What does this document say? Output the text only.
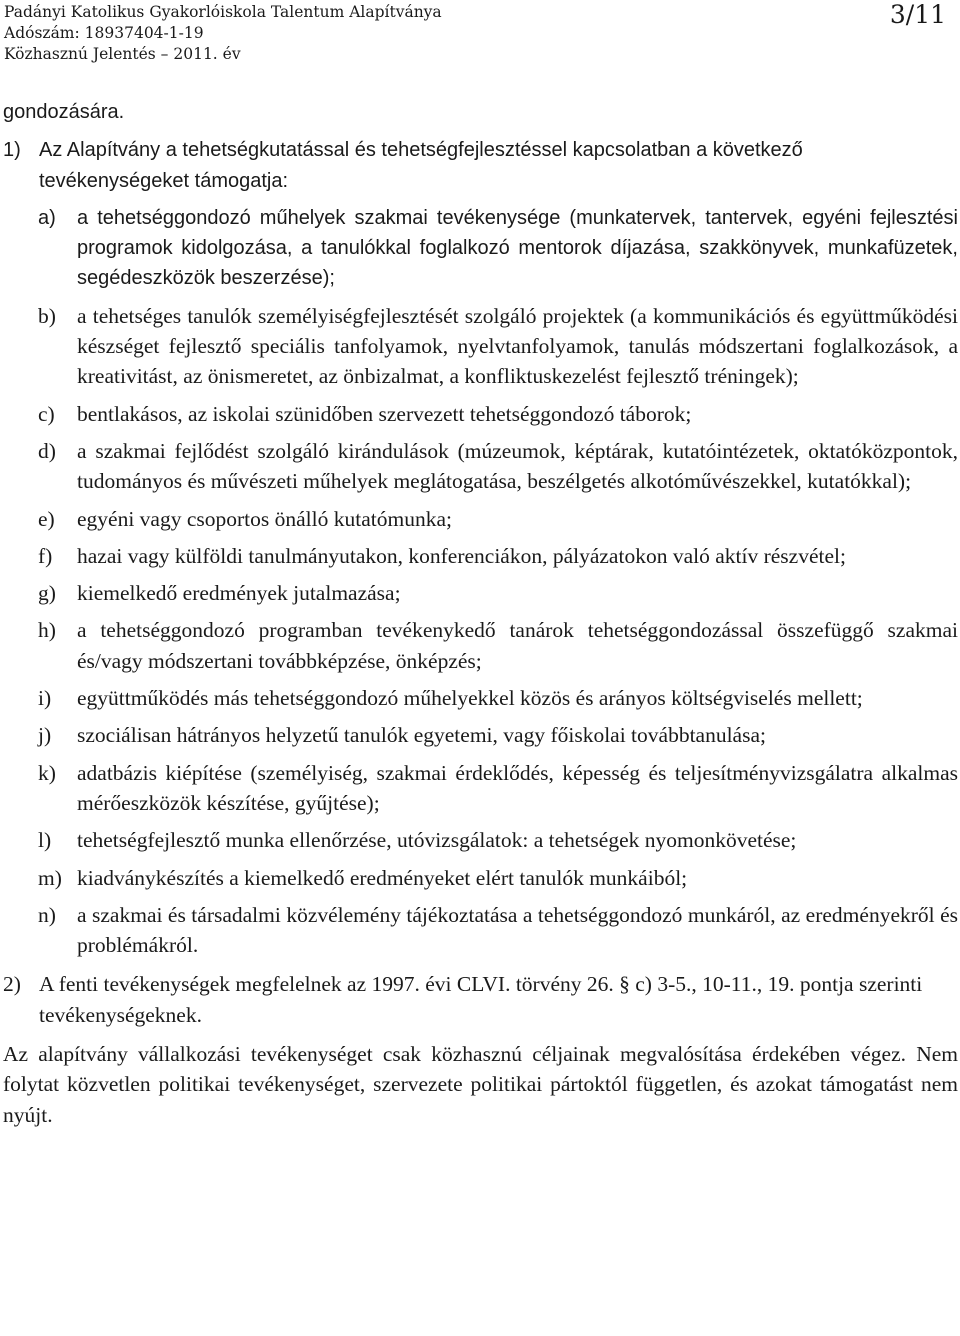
Padányi Katolikus Gyakorlóiskola Talentum Alapítványa
Adószám: 18937404-1-19
Közhasznú Jelentés – 2011. év
3/11

gondozására.

1) Az Alapítvány a tehetségkutatással és tehetségfejlesztéssel kapcsolatban a következő tevékenységeket támogatja:
a)	a tehetséggondozó műhelyek szakmai tevékenysége (munkatervek, tantervek, egyéni fejlesztési programok kidolgozása, a tanulókkal foglalkozó mentorok díjazása, szakkönyvek, munkafüzetek, segédeszközök beszerzése);
b) a tehetséges tanulók személyiségfejlesztését szolgáló projektek (a kommunikációs és együttműködési készséget fejlesztő speciális tanfolyamok, nyelvtanfolyamok, tanulás módszertani foglalkozások, a kreativitást, az önismeretet, az önbizalmat, a konfliktuskezelést fejlesztő tréningek);
c)	bentlakásos, az iskolai szünidőben szervezett tehetséggondozó táborok;
d) a szakmai fejlődést szolgáló kirándulások (múzeumok, képtárak, kutatóintézetek, oktatóközpontok, tudományos és művészeti műhelyek meglátogatása, beszélgetés alkotóművészekkel, kutatókkal);
e)	egyéni vagy csoportos önálló kutatómunka;
f)	hazai vagy külföldi tanulmányutakon, konferenciákon, pályázatokon való aktív részvétel;
g) kiemelkedő eredmények jutalmazása;
h) a tehetséggondozó programban tevékenykedő tanárok tehetséggondozással összefüggő szakmai és/vagy módszertani továbbképzése, önképzés;
i)	együttműködés más tehetséggondozó műhelyekkel közös és arányos költségviselés mellett;
j)	szociálisan hátrányos helyzetű tanulók egyetemi, vagy főiskolai továbbtanulása;
k) adatbázis kiépítése (személyiség, szakmai érdeklődés, képesség és teljesítményvizsgálatra alkalmas mérőeszközök készítése, gyűjtése);
l)	tehetségfejlesztő munka ellenőrzése, utóvizsgálatok: a tehetségek nyomonkövetése;
m) kiadványkészítés a kiemelkedő eredményeket elért tanulók munkáiból;
n) a szakmai és társadalmi közvélemény tájékoztatása a tehetséggondozó munkáról, az eredményekről és problémákról.
2) A fenti tevékenységek megfelelnek az 1997. évi CLVI. törvény 26. § c) 3-5., 10-11., 19. pontja szerinti tevékenységeknek.

Az alapítvány vállalkozási tevékenységet csak közhasznú céljainak megvalósítása érdekében végez. Nem folytat közvetlen politikai tevékenységet, szervezete politikai pártoktól független, és azokat támogatást nem nyújt.
